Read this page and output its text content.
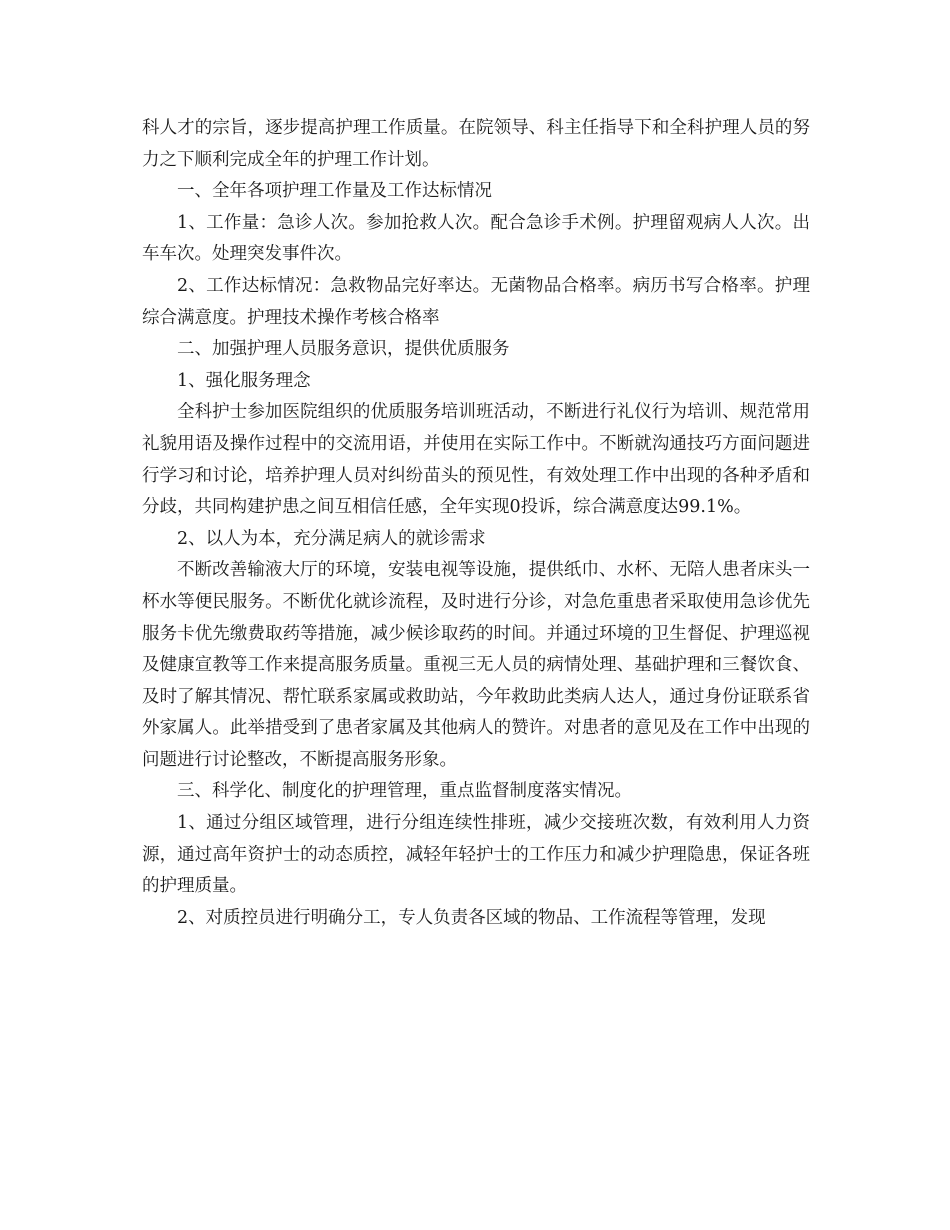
科人才的宗旨，逐步提高护理工作质量。在院领导、科主任指导下和全科护理人员的努力之下顺利完成全年的护理工作计划。

一、全年各项护理工作量及工作达标情况

1、工作量：急诊人次。参加抢救人次。配合急诊手术例。护理留观病人人次。出车车次。处理突发事件次。

2、工作达标情况：急救物品完好率达。无菌物品合格率。病历书写合格率。护理综合满意度。护理技术操作考核合格率

二、加强护理人员服务意识，提供优质服务

1、强化服务理念

全科护士参加医院组织的优质服务培训班活动，不断进行礼仪行为培训、规范常用礼貌用语及操作过程中的交流用语，并使用在实际工作中。不断就沟通技巧方面问题进行学习和讨论，培养护理人员对纠纷苗头的预见性，有效处理工作中出现的各种矛盾和分歧，共同构建护患之间互相信任感，全年实现0投诉，综合满意度达99.1%。

2、以人为本，充分满足病人的就诊需求

不断改善输液大厅的环境，安装电视等设施，提供纸巾、水杯、无陪人患者床头一杯水等便民服务。不断优化就诊流程，及时进行分诊，对急危重患者采取使用急诊优先服务卡优先缴费取药等措施，减少候诊取药的时间。并通过环境的卫生督促、护理巡视及健康宣教等工作来提高服务质量。重视三无人员的病情处理、基础护理和三餐饮食、及时了解其情况、帮忙联系家属或救助站，今年救助此类病人达人，通过身份证联系省外家属人。此举措受到了患者家属及其他病人的赞许。对患者的意见及在工作中出现的问题进行讨论整改，不断提高服务形象。

三、科学化、制度化的护理管理，重点监督制度落实情况。

1、通过分组区域管理，进行分组连续性排班，减少交接班次数，有效利用人力资源，通过高年资护士的动态质控，减轻年轻护士的工作压力和减少护理隐患，保证各班的护理质量。

2、对质控员进行明确分工，专人负责各区域的物品、工作流程等管理，发现
